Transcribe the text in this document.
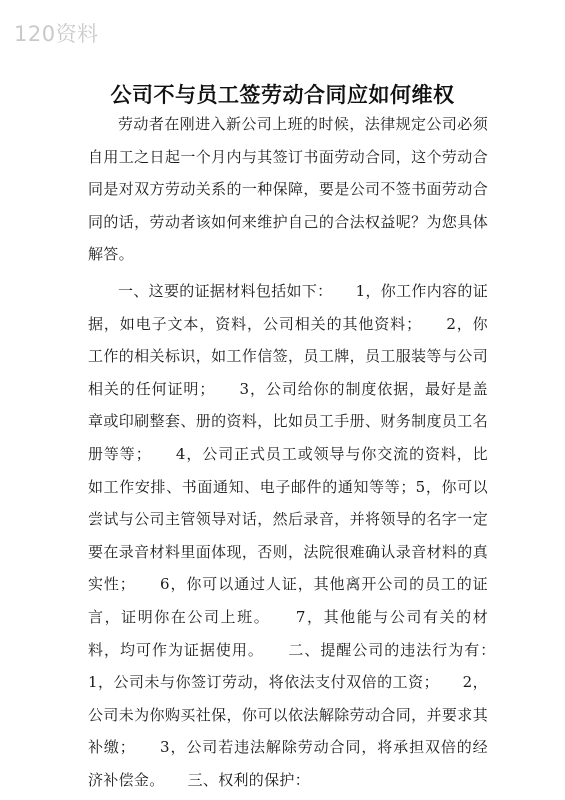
120资料
公司不与员工签劳动合同应如何维权

劳动者在刚进入新公司上班的时候，法律规定公司必须自用工之日起一个月内与其签订书面劳动合同，这个劳动合同是对双方劳动关系的一种保障，要是公司不签书面劳动合同的话，劳动者该如何来维护自己的合法权益呢？为您具体解答。

一、这要的证据材料包括如下：　　1，你工作内容的证据，如电子文本，资料，公司相关的其他资料；　　2，你工作的相关标识，如工作信签，员工牌，员工服装等与公司相关的任何证明；　　3，公司给你的制度依据，最好是盖章或印刷整套、册的资料，比如员工手册、财务制度员工名册等等；　　4，公司正式员工或领导与你交流的资料，比如工作安排、书面通知、电子邮件的通知等等；5，你可以尝试与公司主管领导对话，然后录音，并将领导的名字一定要在录音材料里面体现，否则，法院很难确认录音材料的真实性；　　6，你可以通过人证，其他离开公司的员工的证言，证明你在公司上班。　　7，其他能与公司有关的材料，均可作为证据使用。　　二、提醒公司的违法行为有：　　1，公司未与你签订劳动，将依法支付双倍的工资；　　2，公司未为你购买社保，你可以依法解除劳动合同，并要求其补缴；　　3，公司若违法解除劳动合同，将承担双倍的经济补偿金。　　三、权利的保护：
